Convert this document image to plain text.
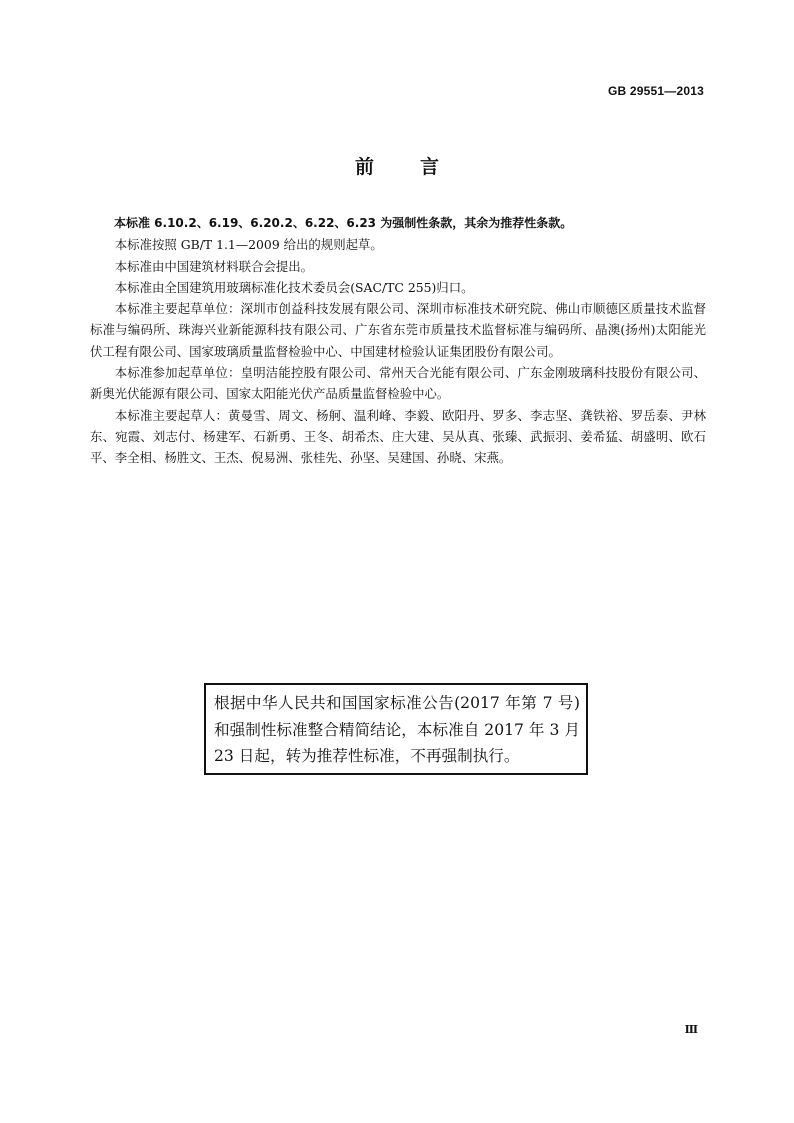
GB 29551—2013
前言

本标准 6.10.2、6.19、6.20.2、6.22、6.23 为强制性条款，其余为推荐性条款。

本标准按照 GB/T 1.1—2009 给出的规则起草。

本标准由中国建筑材料联合会提出。

本标准由全国建筑用玻璃标准化技术委员会(SAC/TC 255)归口。

本标准主要起草单位：深圳市创益科技发展有限公司、深圳市标准技术研究院、佛山市顺德区质量技术监督标准与编码所、珠海兴业新能源科技有限公司、广东省东莞市质量技术监督标准与编码所、晶澳(扬州)太阳能光伏工程有限公司、国家玻璃质量监督检验中心、中国建材检验认证集团股份有限公司。

本标准参加起草单位：皇明洁能控股有限公司、常州天合光能有限公司、广东金刚玻璃科技股份有限公司、新奥光伏能源有限公司、国家太阳能光伏产品质量监督检验中心。

本标准主要起草人：黄曼雪、周文、杨舸、温利峰、李毅、欧阳丹、罗多、李志坚、龚铁裕、罗岳泰、尹林东、宛霞、刘志付、杨建军、石新勇、王冬、胡希杰、庄大建、吴从真、张臻、武振羽、姜希猛、胡盛明、欧石平、李全相、杨胜文、王杰、倪易洲、张桂先、孙坚、吴建国、孙晓、宋燕。

根据中华人民共和国国家标准公告(2017 年第 7 号)和强制性标准整合精简结论，本标准自 2017 年 3 月 23 日起，转为推荐性标准，不再强制执行。

Ⅲ
